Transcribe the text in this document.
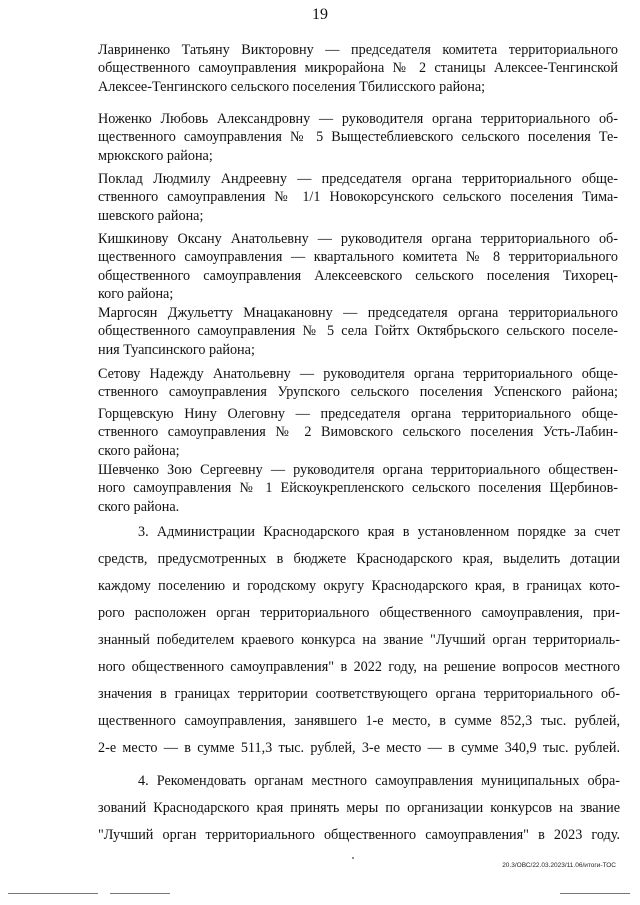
19
Лавриненко Татьяну Викторовну — председателя комитета территориального
общественного самоуправления микрорайона № 2 станицы Алексее-Тенгинской
Алексее-Тенгинского сельского поселения Тбилисского района;
Ноженко Любовь Александровну — руководителя органа территориального об-
щественного самоуправления № 5 Выщестеблиевского сельского поселения Те-
мрюкского района;
Поклад Людмилу Андреевну — председателя органа территориального обще-
ственного самоуправления № 1/1 Новокорсунского сельского поселения Тима-
шевского района;
Кишкинову Оксану Анатольевну — руководителя органа территориального об-
щественного самоуправления — квартального комитета № 8 территориального
общественного самоуправления Алексеевского сельского поселения Тихорец-
кого района;
Маргосян Джульетту Мнацакановну — председателя органа территориального
общественного самоуправления № 5 села Гойтх Октябрьского сельского поселе-
ния Туапсинского района;
Сетову Надежду Анатольевну — руководителя органа территориального обще-
ственного самоуправления Урупского сельского поселения Успенского района;
Горщевскую Нину Олеговну — председателя органа территориального обще-
ственного самоуправления № 2 Вимовского сельского поселения Усть-Лабин-
ского района;
Шевченко Зою Сергеевну — руководителя органа территориального обществен-
ного самоуправления № 1 Ейскоукрепленского сельского поселения Щербинов-
ского района.
3. Администрации Краснодарского края в установленном порядке за счет
средств, предусмотренных в бюджете Краснодарского края, выделить дотации
каждому поселению и городскому округу Краснодарского края, в границах кото-
рого расположен орган территориального общественного самоуправления, при-
знанный победителем краевого конкурса на звание "Лучший орган территориаль-
ного общественного самоуправления" в 2022 году, на решение вопросов местного
значения в границах территории соответствующего органа территориального об-
щественного самоуправления, занявшего 1-е место, в сумме 852,3 тыс. рублей,
2-е место — в сумме 511,3 тыс. рублей, 3-е место — в сумме 340,9 тыс. рублей.
4. Рекомендовать органам местного самоуправления муниципальных обра-
зований Краснодарского края принять меры по организации конкурсов на звание
"Лучший орган территориального общественного самоуправления" в 2023 году.
20.3/ОВС/22.03.2023/11.06/итоги-ТОС
